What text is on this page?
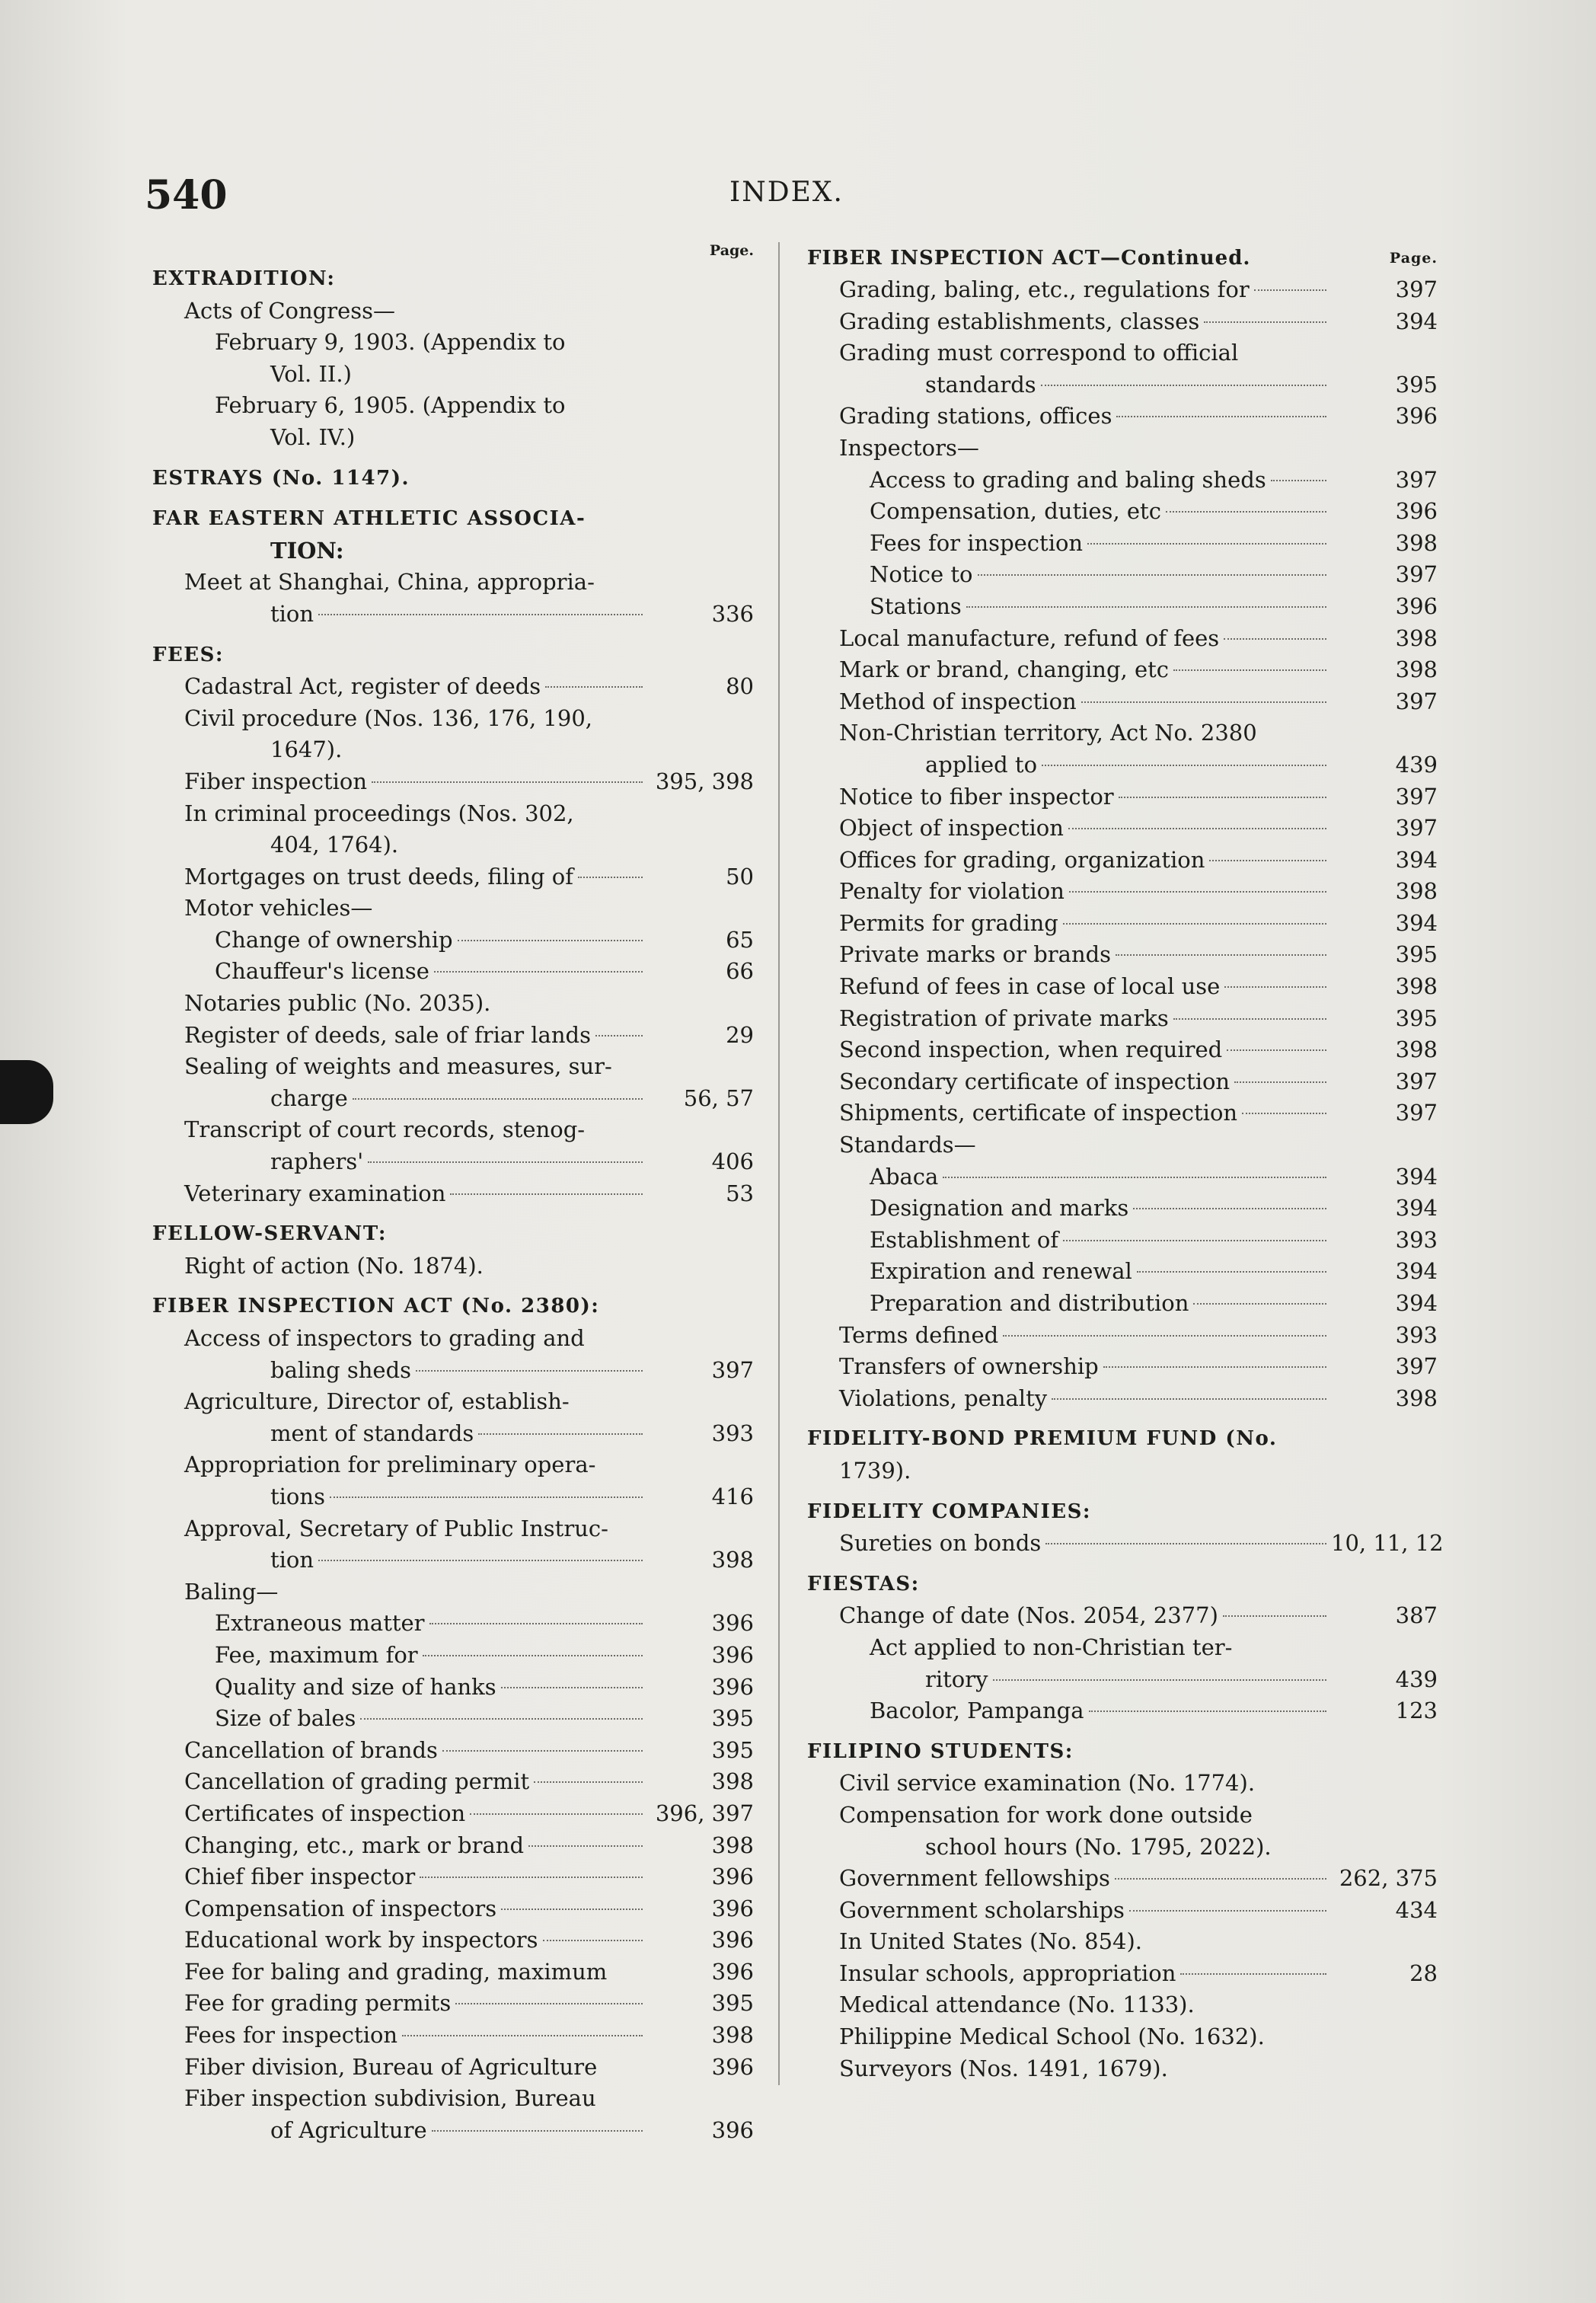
540	INDEX.
Page.
EXTRADITION:
Acts of Congress—
February 9, 1903. (Appendix to
Vol. II.)
February 6, 1905. (Appendix to
Vol. IV.)
ESTRAYS (No. 1147).
FAR EASTERN ATHLETIC ASSOCIA-
TION:
Meet at Shanghai, China, appropria-
tion	336
FEES:
Cadastral Act, register of deeds	80
Civil procedure (Nos. 136, 176, 190,
1647).
Fiber inspection	395, 398
In criminal proceedings (Nos. 302,
404, 1764).
Mortgages on trust deeds, filing of	50
Motor vehicles—
Change of ownership	65
Chauffeur's license	66
Notaries public (No. 2035).
Register of deeds, sale of friar lands	29
Sealing of weights and measures, sur-
charge	56, 57
Transcript of court records, stenog-
raphers'	406
Veterinary examination	53
FELLOW-SERVANT:
Right of action (No. 1874).
FIBER INSPECTION ACT (No. 2380):
Access of inspectors to grading and
baling sheds	397
Agriculture, Director of, establish-
ment of standards	393
Appropriation for preliminary opera-
tions	416
Approval, Secretary of Public Instruc-
tion	398
Baling—
Extraneous matter	396
Fee, maximum for	396
Quality and size of hanks	396
Size of bales	395
Cancellation of brands	395
Cancellation of grading permit	398
Certificates of inspection	396, 397
Changing, etc., mark or brand	398
Chief fiber inspector	396
Compensation of inspectors	396
Educational work by inspectors	396
Fee for baling and grading, maximum	396
Fee for grading permits	395
Fees for inspection	398
Fiber division, Bureau of Agriculture	396
Fiber inspection subdivision, Bureau
of Agriculture	396
FIBER INSPECTION ACT—Continued.	Page.
Grading, baling, etc., regulations for	397
Grading establishments, classes	394
Grading must correspond to official
standards	395
Grading stations, offices	396
Inspectors—
Access to grading and baling sheds	397
Compensation, duties, etc	396
Fees for inspection	398
Notice to	397
Stations	396
Local manufacture, refund of fees	398
Mark or brand, changing, etc	398
Method of inspection	397
Non-Christian territory, Act No. 2380
applied to	439
Notice to fiber inspector	397
Object of inspection	397
Offices for grading, organization	394
Penalty for violation	398
Permits for grading	394
Private marks or brands	395
Refund of fees in case of local use	398
Registration of private marks	395
Second inspection, when required	398
Secondary certificate of inspection	397
Shipments, certificate of inspection	397
Standards—
Abaca	394
Designation and marks	394
Establishment of	393
Expiration and renewal	394
Preparation and distribution	394
Terms defined	393
Transfers of ownership	397
Violations, penalty	398
FIDELITY-BOND PREMIUM FUND (No.
1739).
FIDELITY COMPANIES:
Sureties on bonds	10, 11, 12
FIESTAS:
Change of date (Nos. 2054, 2377)	387
Act applied to non-Christian ter-
ritory	439
Bacolor, Pampanga	123
FILIPINO STUDENTS:
Civil service examination (No. 1774).
Compensation for work done outside
school hours (No. 1795, 2022).
Government fellowships	262, 375
Government scholarships	434
In United States (No. 854).
Insular schools, appropriation	28
Medical attendance (No. 1133).
Philippine Medical School (No. 1632).
Surveyors (Nos. 1491, 1679).
